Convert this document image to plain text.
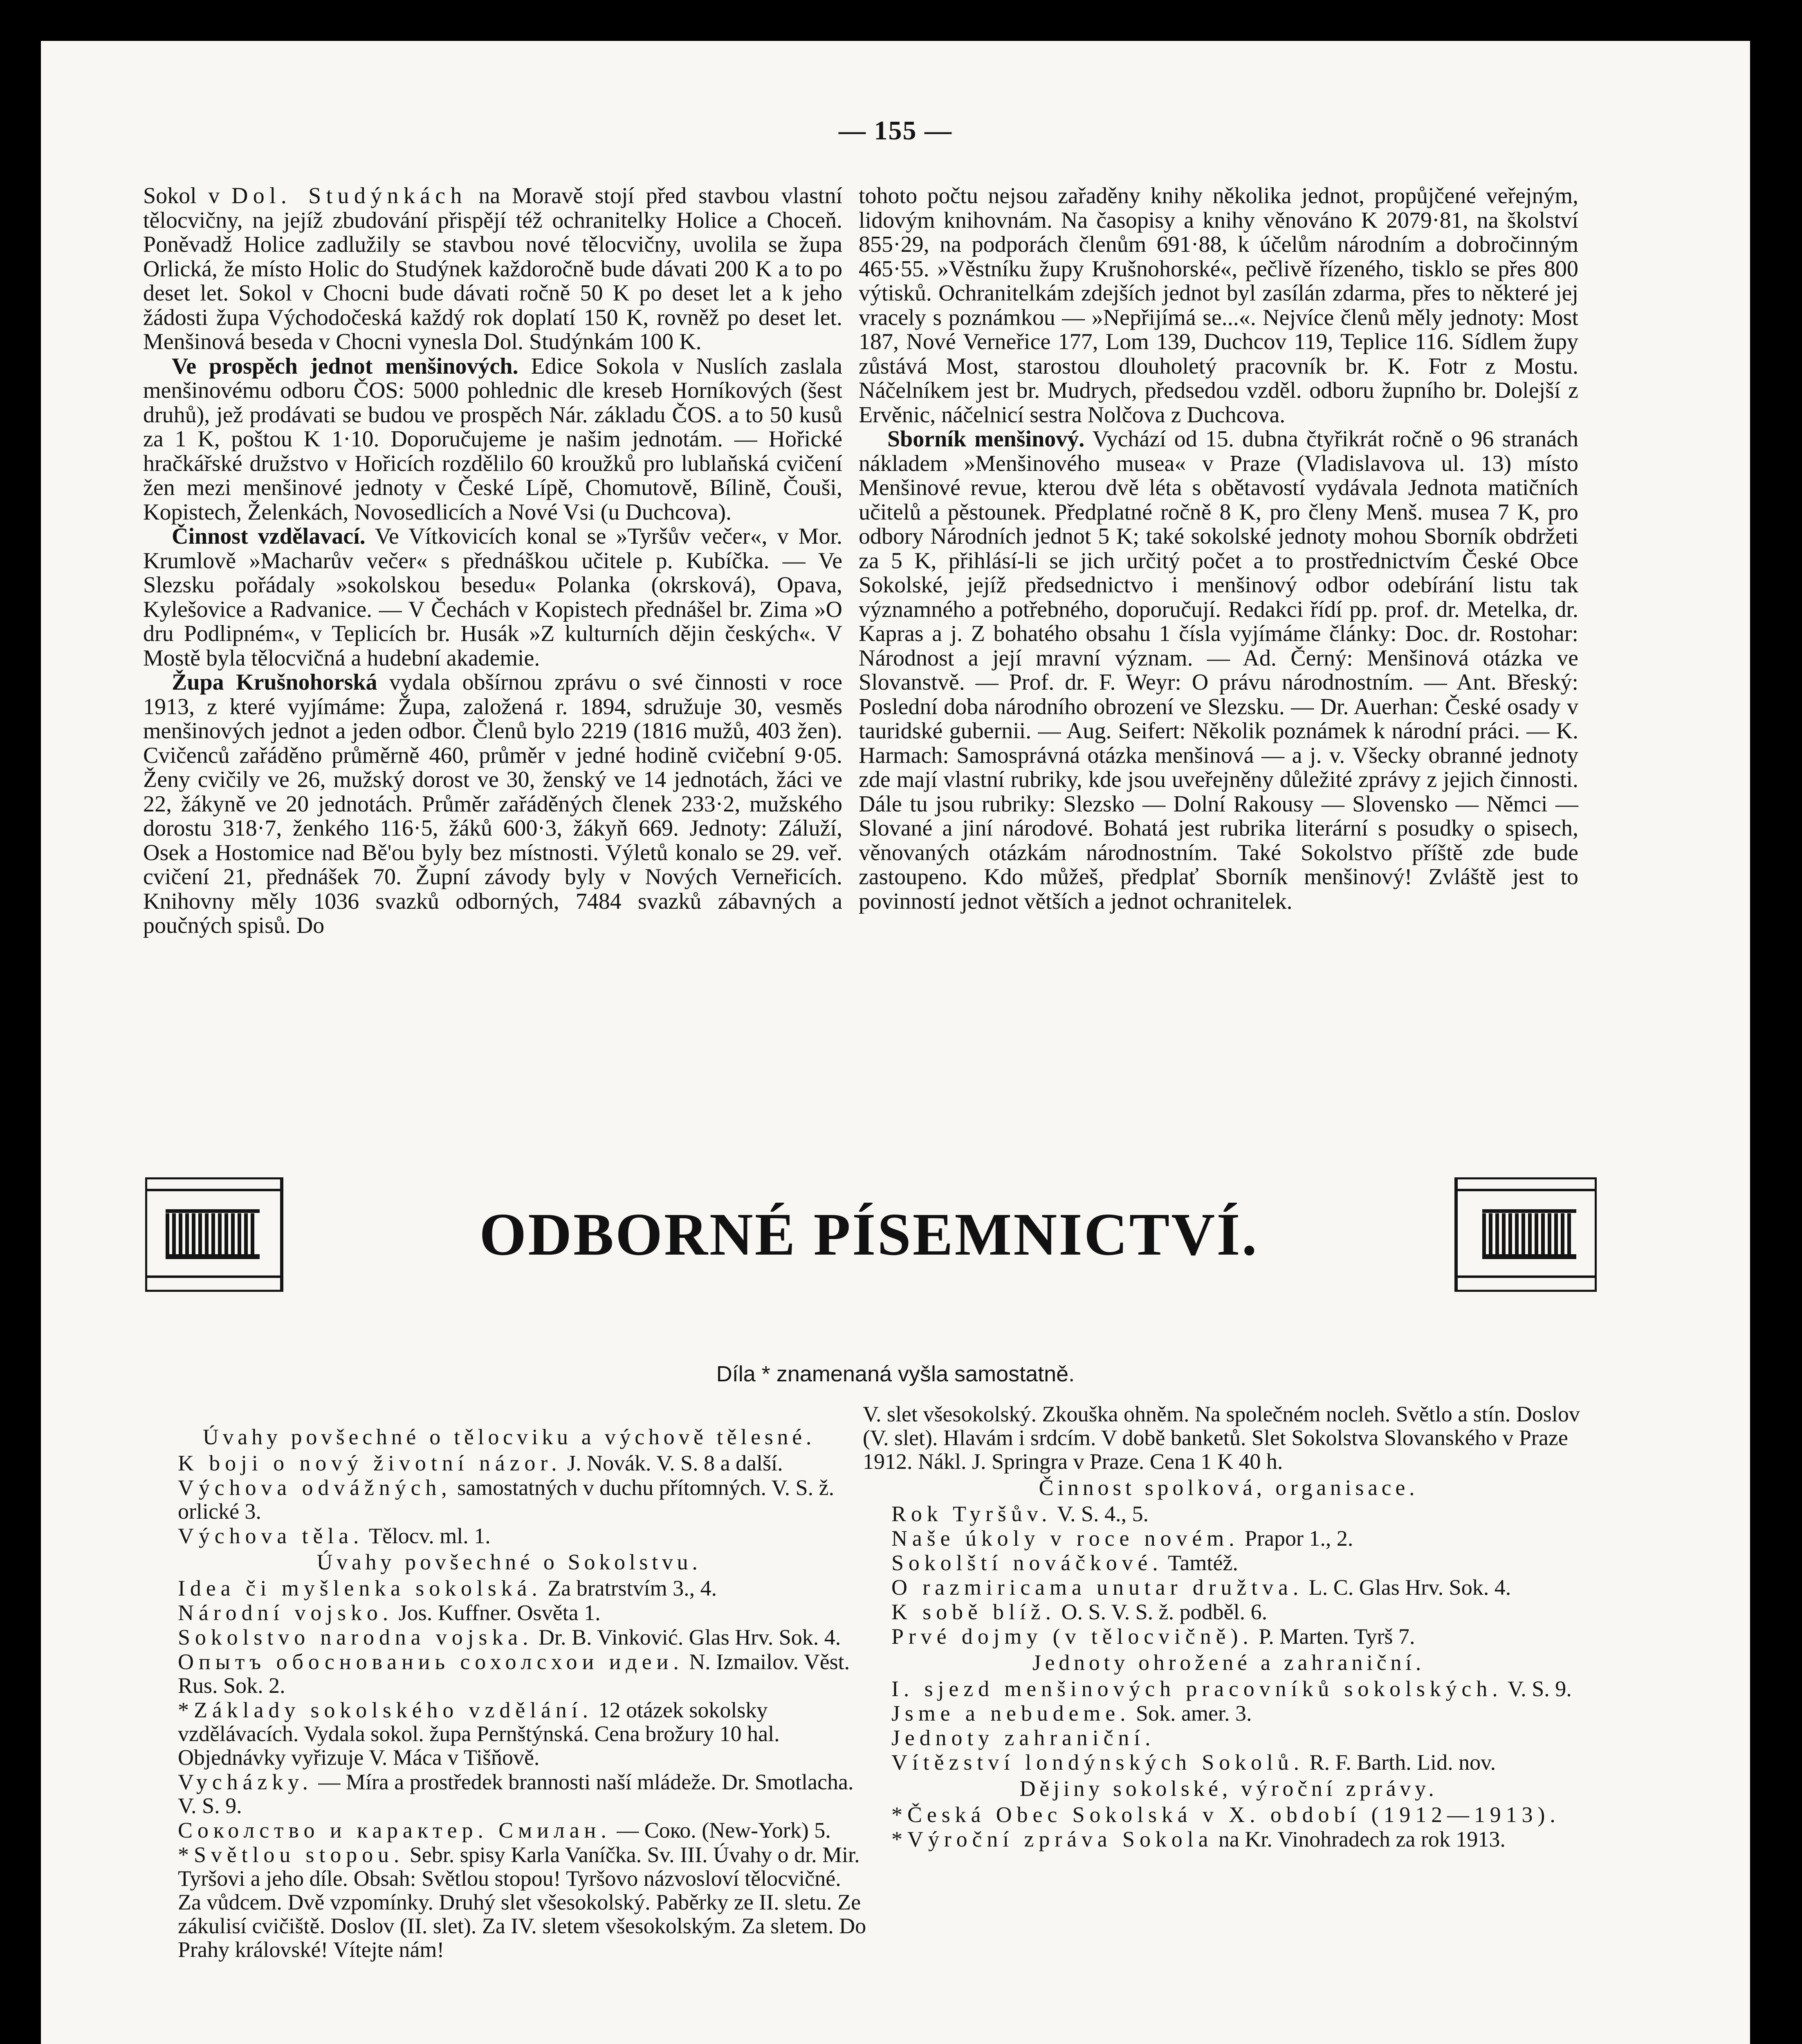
— 155 —

Sokol v Dol. Studýnkách na Moravě stojí před stavbou vlastní tělocvičny, na jejíž zbudování přispějí též ochranitelky Holice a Choceň. Poněvadž Holice zadlužily se stavbou nové tělocvičny, uvolila se župa Orlická, že místo Holic do Studýnek každoročně bude dávati 200 K a to po deset let. Sokol v Chocni bude dávati ročně 50 K po deset let a k jeho žádosti župa Východočeská každý rok doplatí 150 K, rovněž po deset let. Menšinová beseda v Chocni vynesla Dol. Studýnkám 100 K.

Ve prospěch jednot menšinových. Edice Sokola v Nuslích zaslala menšinovému odboru ČOS: 5000 pohlednic dle kreseb Horníkových (šest druhů), jež prodávati se budou ve prospěch Nár. základu ČOS. a to 50 kusů za 1 K, poštou K 1·10. Doporučujeme je našim jednotám. — Hořické hračkářské družstvo v Hořicích rozdělilo 60 kroužků pro lublaňská cvičení žen mezi menšinové jednoty v České Lípě, Chomutově, Bílině, Čouši, Kopistech, Želenkách, Novosedlicích a Nové Vsi (u Duchcova).

Činnost vzdělavací. Ve Vítkovicích konal se »Tyršův večer«, v Mor. Krumlově »Macharův večer« s přednáškou učitele p. Kubíčka. — Ve Slezsku pořádaly »sokolskou besedu« Polanka (okrsková), Opava, Kylešovice a Radvanice. — V Čechách v Kopistech přednášel br. Zima »O dru Podlipném«, v Teplicích br. Husák »Z kulturních dějin českých«. V Mostě byla tělocvičná a hudební akademie.

Župa Krušnohorská vydala obšírnou zprávu o své činnosti v roce 1913, z které vyjímáme: Župa, založená r. 1894, sdružuje 30, vesměs menšinových jednot a jeden odbor. Členů bylo 2219 (1816 mužů, 403 žen). Cvičenců zařáděno průměrně 460, průměr v jedné hodině cvičební 9·05. Ženy cvičily ve 26, mužský dorost ve 30, ženský ve 14 jednotách, žáci ve 22, žákyně ve 20 jednotách. Průměr zařáděných členek 233·2, mužského dorostu 318·7, ženkého 116·5, žáků 600·3, žákyň 669. Jednoty: Záluží, Osek a Hostomice nad Bě'ou byly bez místnosti. Výletů konalo se 29. veř. cvičení 21, přednášek 70. Župní závody byly v Nových Verneřicích. Knihovny měly 1036 svazků odborných, 7484 svazků zábavných a poučných spisů. Do

tohoto počtu nejsou zařaděny knihy několika jednot, propůjčené veřejným, lidovým knihovnám. Na časopisy a knihy věnováno K 2079·81, na školství 855·29, na podporách členům 691·88, k účelům národním a dobročinným 465·55. »Věstníku župy Krušnohorské«, pečlivě řízeného, tisklo se přes 800 výtisků. Ochranitelkám zdejších jednot byl zasílán zdarma, přes to některé jej vracely s poznámkou — »Nepřijímá se...«. Nejvíce členů měly jednoty: Most 187, Nové Verneřice 177, Lom 139, Duchcov 119, Teplice 116. Sídlem župy zůstává Most, starostou dlouholetý pracovník br. K. Fotr z Mostu. Náčelníkem jest br. Mudrych, předsedou vzděl. odboru župního br. Dolejší z Ervěnic, náčelnicí sestra Nolčova z Duchcova.

Sborník menšinový. Vychází od 15. dubna čtyřikrát ročně o 96 stranách nákladem »Menšinového musea« v Praze (Vladislavova ul. 13) místo Menšinové revue, kterou dvě léta s obětavostí vydávala Jednota matičních učitelů a pěstounek. Předplatné ročně 8 K, pro členy Menš. musea 7 K, pro odbory Národních jednot 5 K; také sokolské jednoty mohou Sborník obdržeti za 5 K, přihlásí-li se jich určitý počet a to prostřednictvím České Obce Sokolské, jejíž předsednictvo i menšinový odbor odebírání listu tak významného a potřebného, doporučují. Redakci řídí pp. prof. dr. Metelka, dr. Kapras a j. Z bohatého obsahu 1 čísla vyjímáme články: Doc. dr. Rostohar: Národnost a její mravní význam. — Ad. Černý: Menšinová otázka ve Slovanstvě. — Prof. dr. F. Weyr: O právu národnostním. — Ant. Břeský: Poslední doba národního obrození ve Slezsku. — Dr. Auerhan: České osady v tauridské gubernii. — Aug. Seifert: Několik poznámek k národní práci. — K. Harmach: Samosprávná otázka menšinová — a j. v. Všecky obranné jednoty zde mají vlastní rubriky, kde jsou uveřejněny důležité zprávy z jejich činnosti. Dále tu jsou rubriky: Slezsko — Dolní Rakousy — Slovensko — Němci — Slované a jiní národové. Bohatá jest rubrika literární s posudky o spisech, věnovaných otázkám národnostním. Také Sokolstvo příště zde bude zastoupeno. Kdo můžeš, předplať Sborník menšinový! Zvláště jest to povinností jednot větších a jednot ochranitelek.

ODBORNÉ PÍSEMNICTVÍ.
Díla * znamenaná vyšla samostatně.

Úvahy povšechné o tělocviku a výchově tělesné.

K boji o nový životní názor. J. Novák. V. S. 8 a další.

Výchova odvážných, samostatných v duchu přítomných. V. S. ž. orlické 3.

Výchova těla. Tělocv. ml. 1.

Úvahy povšechné o Sokolstvu.

Idea či myšlenka sokolská. Za bratrstvím 3., 4.

Národní vojsko. Jos. Kuffner. Osvěta 1.

Sokolstvo narodna vojska. Dr. B. Vinković. Glas Hrv. Sok. 4.

Опытъ обоснованиь сохолсхои идеи. N. Izmailov. Věst. Rus. Sok. 2.

* Základy sokolského vzdělání. 12 otázek sokolsky vzdělávacích. Vydala sokol. župa Pernštýnská. Cena brožury 10 hal. Objednávky vyřizuje V. Máca v Tišňově.

Vycházky. — Míra a prostředek brannosti naší mládeže. Dr. Smotlacha. V. S. 9.

Соколство и карактер. Смилан. — Соко. (New-York) 5.

* Světlou stopou. Sebr. spisy Karla Vaníčka. Sv. III. Úvahy o dr. Mir. Tyršovi a jeho díle. Obsah: Světlou stopou! Tyršovo názvosloví tělocvičné. Za vůdcem. Dvě vzpomínky. Druhý slet všesokolský. Paběrky ze II. sletu. Ze zákulisí cvičiště. Doslov (II. slet). Za IV. sletem všesokolským. Za sletem. Do Prahy královské! Vítejte nám!

V. slet všesokolský. Zkouška ohněm. Na společném nocleh. Světlo a stín. Doslov (V. slet). Hlavám i srdcím. V době banketů. Slet Sokolstva Slovanského v Praze 1912. Nákl. J. Springra v Praze. Cena 1 K 40 h.

Činnost spolková, organisace.

Rok Tyršův. V. S. 4., 5.

Naše úkoly v roce novém. Prapor 1., 2.

Sokolští nováčkové. Tamtéž.

O razmiricama unutar družtva. L. C. Glas Hrv. Sok. 4.

K sobě blíž. O. S. V. S. ž. podběl. 6.

Prvé dojmy (v tělocvičně). P. Marten. Tyrš 7.

Jednoty ohrožené a zahraniční.

I. sjezd menšinových pracovníků sokolských. V. S. 9.

Jsme a nebudeme. Sok. amer. 3.

Jednoty zahraniční.

Vítězství londýnských Sokolů. R. F. Barth. Lid. nov.

Dějiny sokolské, výroční zprávy.

* Česká Obec Sokolská v X. období (1912—1913).

* Výroční zpráva Sokola na Kr. Vinohradech za rok 1913.
